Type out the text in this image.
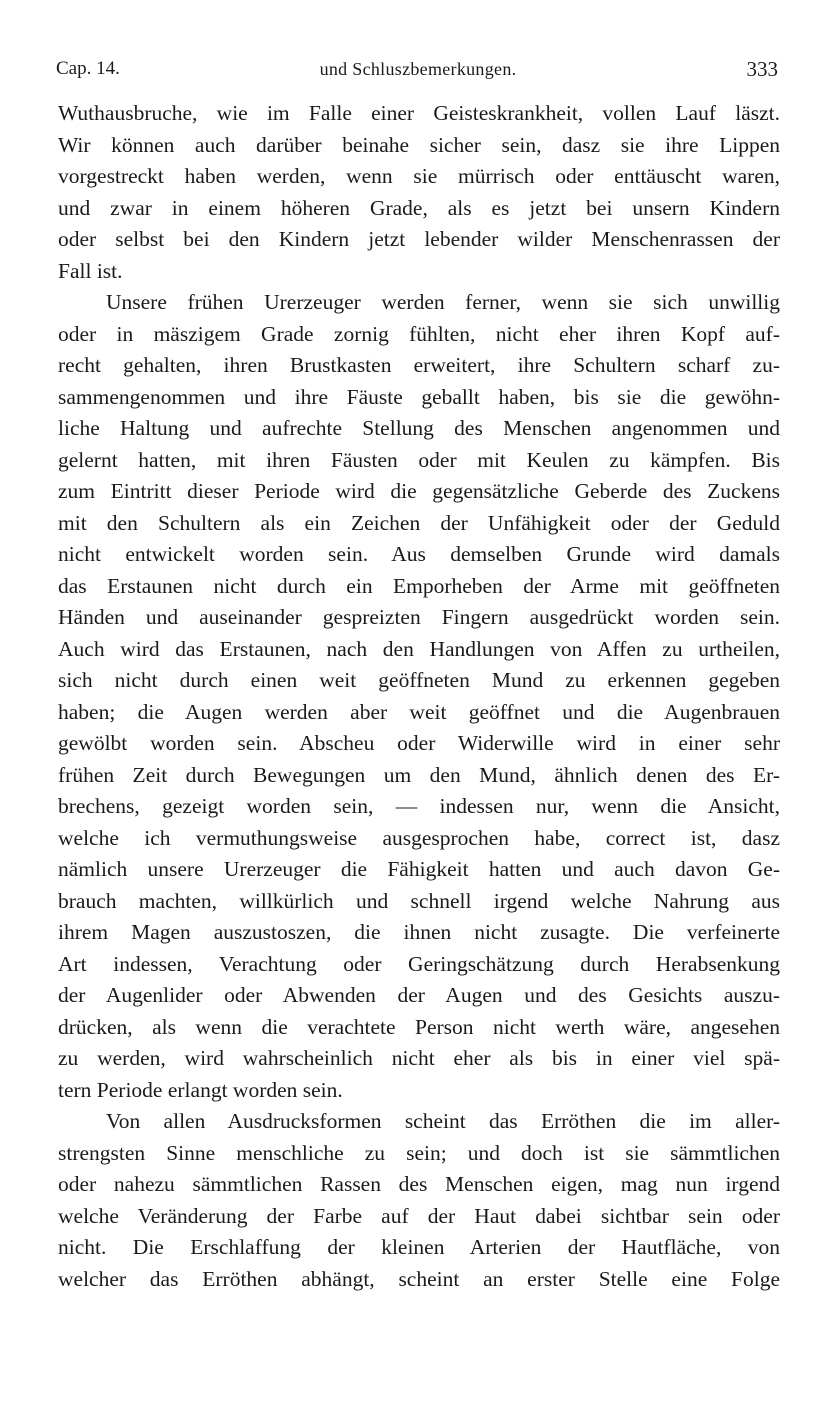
Cap. 14.	und Schluszbemerkungen.	333
Wuthausbruche, wie im Falle einer Geisteskrankheit, vollen Lauf läszt.
Wir können auch darüber beinahe sicher sein, dasz sie ihre Lippen
vorgestreckt haben werden, wenn sie mürrisch oder enttäuscht waren,
und zwar in einem höheren Grade, als es jetzt bei unsern Kindern
oder selbst bei den Kindern jetzt lebender wilder Menschenrassen der
Fall ist.
Unsere frühen Urerzeuger werden ferner, wenn sie sich unwillig
oder in mäszigem Grade zornig fühlten, nicht eher ihren Kopf auf-
recht gehalten, ihren Brustkasten erweitert, ihre Schultern scharf zu-
sammengenommen und ihre Fäuste geballt haben, bis sie die gewöhn-
liche Haltung und aufrechte Stellung des Menschen angenommen und
gelernt hatten, mit ihren Fäusten oder mit Keulen zu kämpfen. Bis
zum Eintritt dieser Periode wird die gegensätzliche Geberde des Zuckens
mit den Schultern als ein Zeichen der Unfähigkeit oder der Geduld
nicht entwickelt worden sein. Aus demselben Grunde wird damals
das Erstaunen nicht durch ein Emporheben der Arme mit geöffneten
Händen und auseinander gespreizten Fingern ausgedrückt worden sein.
Auch wird das Erstaunen, nach den Handlungen von Affen zu urtheilen,
sich nicht durch einen weit geöffneten Mund zu erkennen gegeben
haben; die Augen werden aber weit geöffnet und die Augenbrauen
gewölbt worden sein. Abscheu oder Widerwille wird in einer sehr
frühen Zeit durch Bewegungen um den Mund, ähnlich denen des Er-
brechens, gezeigt worden sein, — indessen nur, wenn die Ansicht,
welche ich vermuthungsweise ausgesprochen habe, correct ist, dasz
nämlich unsere Urerzeuger die Fähigkeit hatten und auch davon Ge-
brauch machten, willkürlich und schnell irgend welche Nahrung aus
ihrem Magen auszustoszen, die ihnen nicht zusagte. Die verfeinerte
Art indessen, Verachtung oder Geringschätzung durch Herabsenkung
der Augenlider oder Abwenden der Augen und des Gesichts auszu-
drücken, als wenn die verachtete Person nicht werth wäre, angesehen
zu werden, wird wahrscheinlich nicht eher als bis in einer viel spä-
tern Periode erlangt worden sein.
Von allen Ausdrucksformen scheint das Erröthen die im aller-
strengsten Sinne menschliche zu sein; und doch ist sie sämmtlichen
oder nahezu sämmtlichen Rassen des Menschen eigen, mag nun irgend
welche Veränderung der Farbe auf der Haut dabei sichtbar sein oder
nicht. Die Erschlaffung der kleinen Arterien der Hautfläche, von
welcher das Erröthen abhängt, scheint an erster Stelle eine Folge
